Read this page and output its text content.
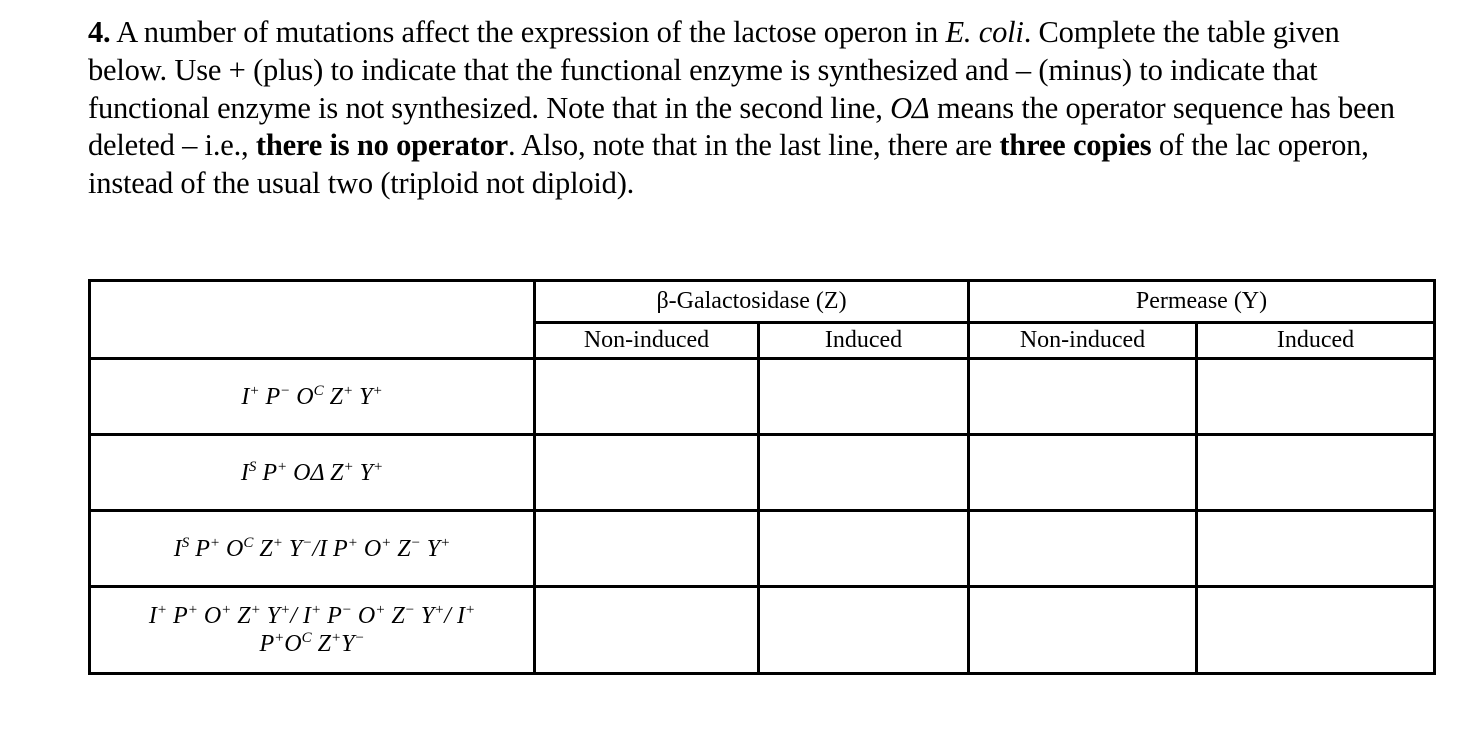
4. A number of mutations affect the expression of the lactose operon in E. coli. Complete the table given below. Use + (plus) to indicate that the functional enzyme is synthesized and – (minus) to indicate that functional enzyme is not synthesized. Note that in the second line, OΔ means the operator sequence has been deleted – i.e., there is no operator. Also, note that in the last line, there are three copies of the lac operon, instead of the usual two (triploid not diploid).
	β-Galactosidase (Z)		Permease (Y)	
	Non-induced	Induced	Non-induced	Induced

I+ P− $O^C$ Z+ Y+

$I^S$ P+ OΔ Z+ Y+

$I^S$ P+ $O^C$ Z+ Y−/I P+ O+ Z− Y+

I+ P+ O+ Z+ Y+/ I+ P− O+ Z− Y+/ I+
$P^+O^C$ Z+Y−
